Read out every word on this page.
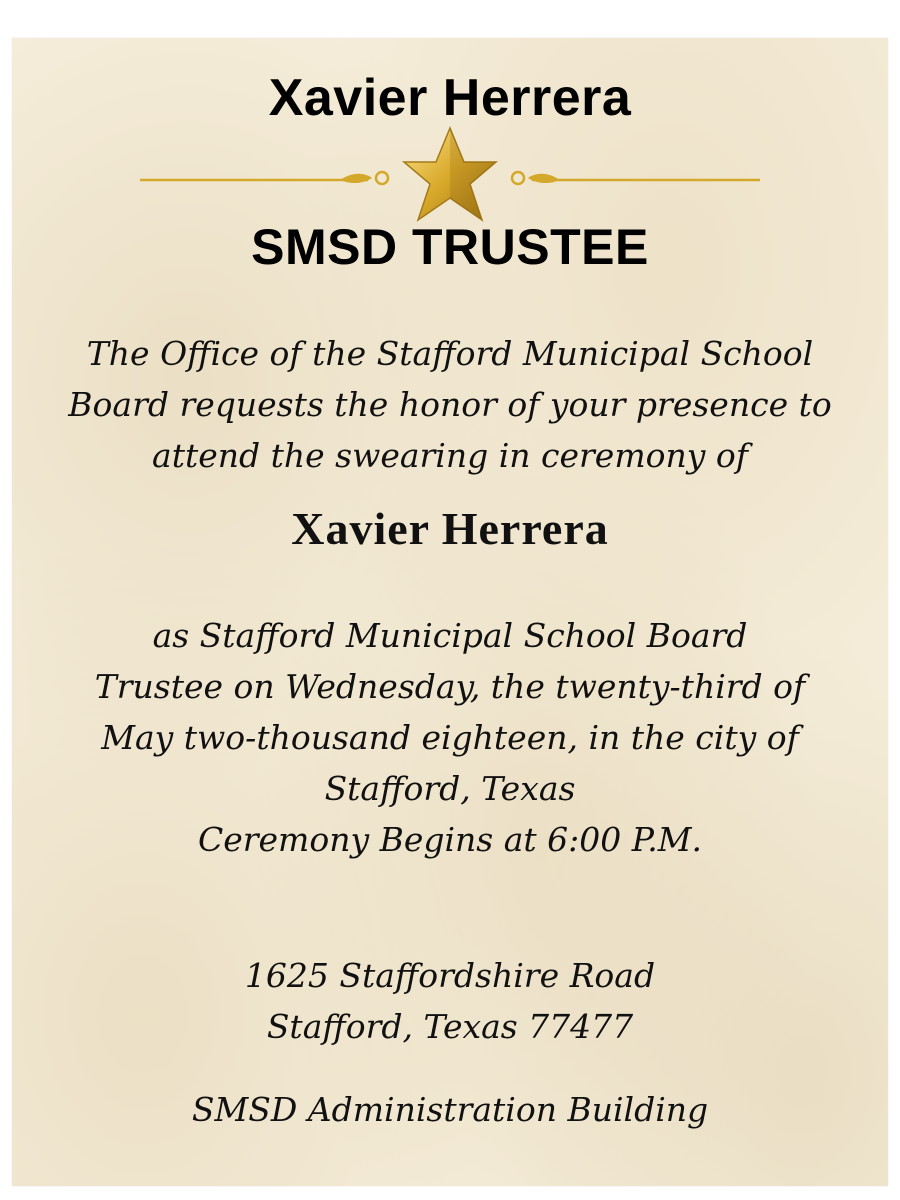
Xavier Herrera
SMSD TRUSTEE

The Office of the Stafford Municipal School
Board requests the honor of your presence to
attend the swearing in ceremony of

Xavier Herrera

as Stafford Municipal School Board
Trustee on Wednesday, the twenty-third of
May two-thousand eighteen, in the city of
Stafford, Texas

Ceremony Begins at 6:00 P.M.

1625 Staffordshire Road
Stafford, Texas 77477

SMSD Administration Building
